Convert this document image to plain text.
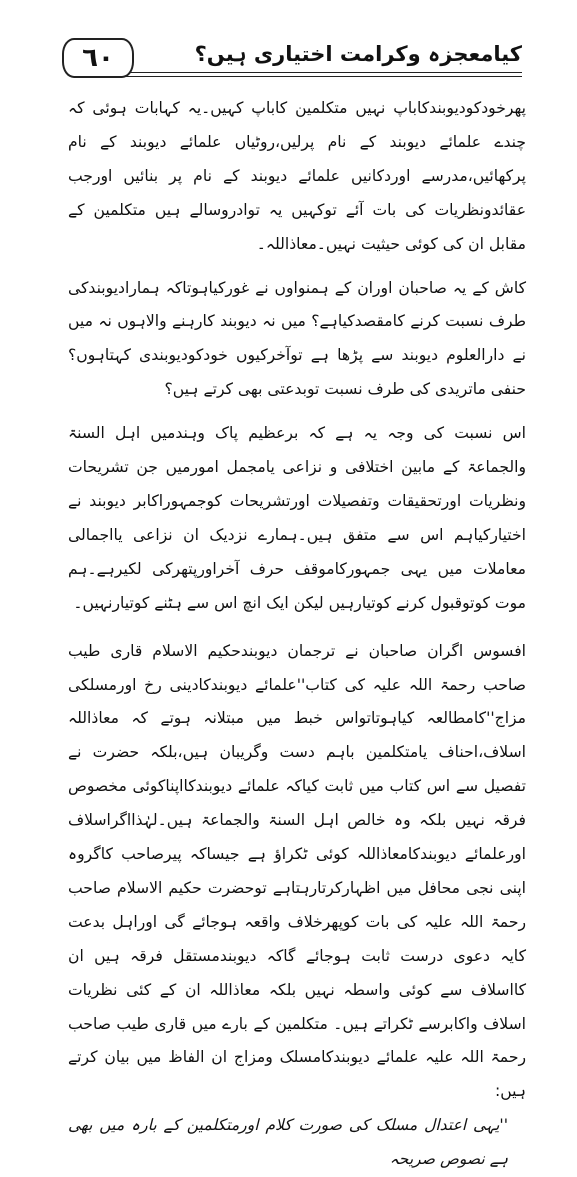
٦٠	کیامعجزہ وکرامت اختیاری ہیں؟

پھرخودکودیوبندکاباپ نہیں متکلمین کاباپ کہیں۔یہ کہابات ہوئی کہ چندے علمائے دیوبند کے نام پرلیں،روٹیاں علمائے دیوبند کے نام پرکھائیں،مدرسے اوردکانیں علمائے دیوبند کے نام پر بنائیں اورجب عقائدونظریات کی بات آئے توکہیں یہ توادروسالے ہیں متکلمین کے مقابل ان کی کوئی حیثیت نہیں۔معاذاللہ۔

کاش کے یہ صاحبان اوران کے ہمنواوں نے غورکیاہوتاکہ ہمارادیوبندکی طرف نسبت کرنے کامقصدکیاہے؟ میں نہ دیوبند کارہنے والاہوں نہ میں نے دارالعلوم دیوبند سے پڑھا ہے توآخرکیوں خودکودیوبندی کہتاہوں؟حنفی ماتریدی کی طرف نسبت توبدعتی بھی کرتے ہیں؟

اس نسبت کی وجہ یہ ہے کہ برعظیم پاک وہندمیں اہل السنۃ والجماعۃ کے مابین اختلافی و نزاعی یامجمل امورمیں جن تشریحات ونظریات اورتحقیقات وتفصیلات اورتشریحات کوجمہوراکابر دیوبند نے اختیارکیاہم اس سے متفق ہیں۔ہمارے نزدیک ان نزاعی یااجمالی معاملات میں یہی جمہورکاموقف حرف آخراورپتھرکی لکیرہے۔ہم موت کوتوقبول کرنے کوتیارہیں لیکن ایک انچ اس سے ہٹنے کوتیارنہیں۔

افسوس اگران صاحبان نے ترجمان دیوبندحکیم الاسلام قاری طیب صاحب رحمۃ اللہ علیہ کی کتاب''علمائے دیوبندکادینی رخ اورمسلکی مزاج''کامطالعہ کیاہوتاتواس خبط میں مبتلانہ ہوتے کہ معاذاللہ اسلاف،احناف یامتکلمین باہم دست وگریبان ہیں،بلکہ حضرت نے تفصیل سے اس کتاب میں ثابت کیاکہ علمائے دیوبندکااپناکوئی مخصوص فرقہ نہیں بلکہ وہ خالص اہل السنۃ والجماعۃ ہیں۔لہٰذااگراسلاف اورعلمائے دیوبندکامعاذاللہ کوئی ٹکراؤ ہے جیساکہ پیرصاحب کاگروہ اپنی نجی محافل میں اظہارکرتارہتاہے توحضرت حکیم الاسلام صاحب رحمۃ اللہ علیہ کی بات کوپھرخلاف واقعہ ہوجائے گی اوراہل بدعت کایہ دعوی درست ثابت ہوجائے گاکہ دیوبندمستقل فرقہ ہیں ان کااسلاف سے کوئی واسطہ نہیں بلکہ معاذاللہ ان کے کئی نظریات اسلاف واکابرسے ٹکراتے ہیں۔ متکلمین کے بارے میں قاری طیب صاحب رحمۃ اللہ علیہ علمائے دیوبندکامسلک ومزاج ان الفاظ میں بیان کرتے ہیں:

''یہی اعتدال مسلک کی صورت کلام اورمتکلمین کے بارہ میں بھی ہے نصوص صریحہ
